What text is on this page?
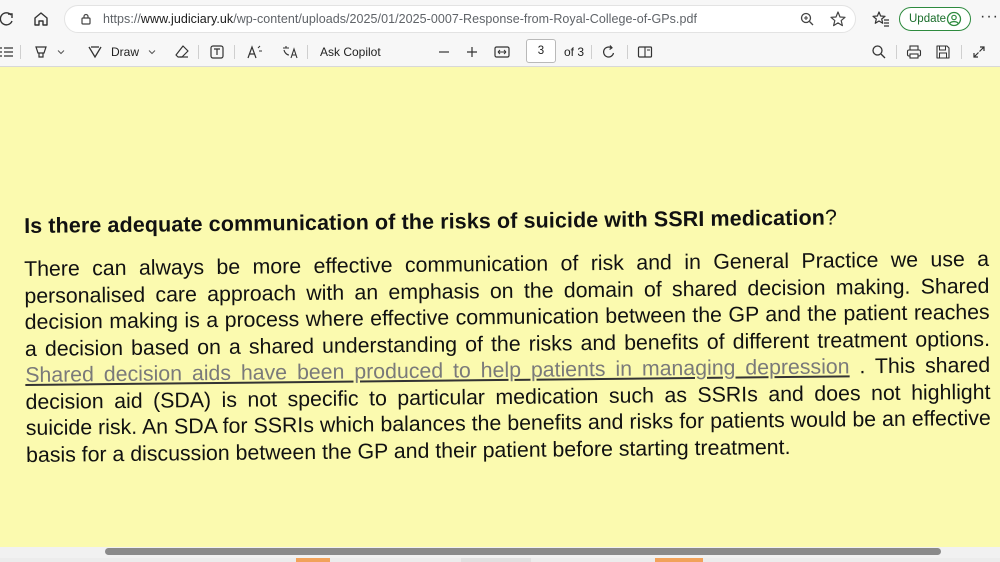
https://www.judiciary.uk/wp-content/uploads/2025/01/2025-0007-Response-from-Royal-College-of-GPs.pdf	Update ···
Draw	Ask Copilot	3	of 3
Is there adequate communication of the risks of suicide with SSRI medication?
There can always be more effective communication of risk and in General Practice we use a personalised care approach with an emphasis on the domain of shared decision making. Shared decision making is a process where effective communication between the GP and the patient reaches a decision based on a shared understanding of the risks and benefits of different treatment options. Shared decision aids have been produced to help patients in managing depression . This shared decision aid (SDA) is not specific to particular medication such as SSRIs and does not highlight suicide risk. An SDA for SSRIs which balances the benefits and risks for patients would be an effective basis for a discussion between the GP and their patient before starting treatment.
